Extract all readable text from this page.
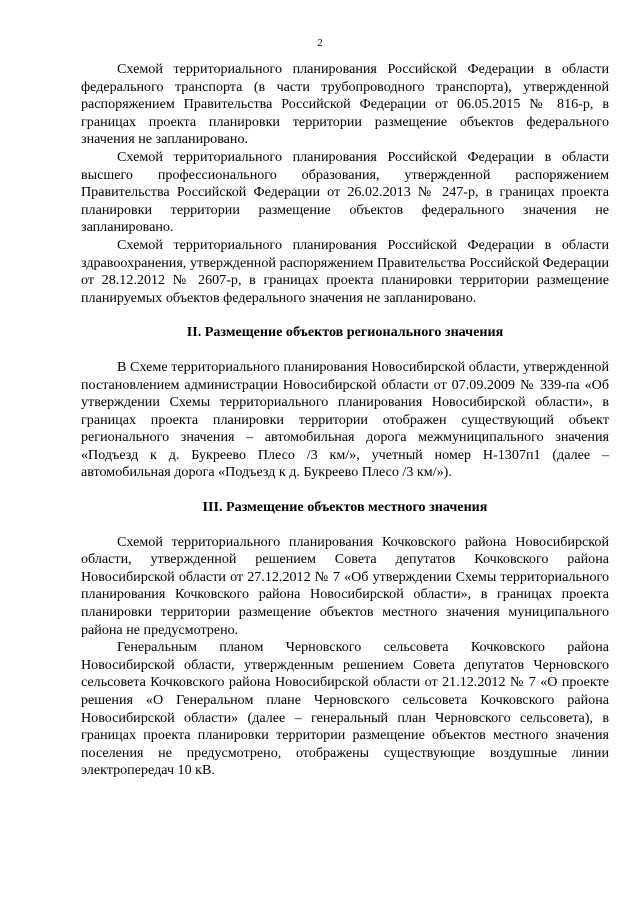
2

Схемой территориального планирования Российской Федерации в области федерального транспорта (в части трубопроводного транспорта), утвержденной распоряжением Правительства Российской Федерации от 06.05.2015 № 816-р, в границах проекта планировки территории размещение объектов федерального значения не запланировано.

Схемой территориального планирования Российской Федерации в области высшего профессионального образования, утвержденной распоряжением Правительства Российской Федерации от 26.02.2013 № 247-р, в границах проекта планировки территории размещение объектов федерального значения не запланировано.

Схемой территориального планирования Российской Федерации в области здравоохранения, утвержденной распоряжением Правительства Российской Федерации от 28.12.2012 № 2607-р, в границах проекта планировки территории размещение планируемых объектов федерального значения не запланировано.

II. Размещение объектов регионального значения

В Схеме территориального планирования Новосибирской области, утвержденной постановлением администрации Новосибирской области от 07.09.2009 № 339-па «Об утверждении Схемы территориального планирования Новосибирской области», в границах проекта планировки территории отображен существующий объект регионального значения – автомобильная дорога межмуниципального значения «Подъезд к д. Букреево Плесо /3 км/», учетный номер Н-1307п1 (далее – автомобильная дорога «Подъезд к д. Букреево Плесо /3 км/»).

III. Размещение объектов местного значения

Схемой территориального планирования Кочковского района Новосибирской области, утвержденной решением Совета депутатов Кочковского района Новосибирской области от 27.12.2012 № 7 «Об утверждении Схемы территориального планирования Кочковского района Новосибирской области», в границах проекта планировки территории размещение объектов местного значения муниципального района не предусмотрено.

Генеральным планом Черновского сельсовета Кочковского района Новосибирской области, утвержденным решением Совета депутатов Черновского сельсовета Кочковского района Новосибирской области от 21.12.2012 № 7 «О проекте решения «О Генеральном плане Черновского сельсовета Кочковского района Новосибирской области» (далее – генеральный план Черновского сельсовета), в границах проекта планировки территории размещение объектов местного значения поселения не предусмотрено, отображены существующие воздушные линии электропередач 10 кВ.
